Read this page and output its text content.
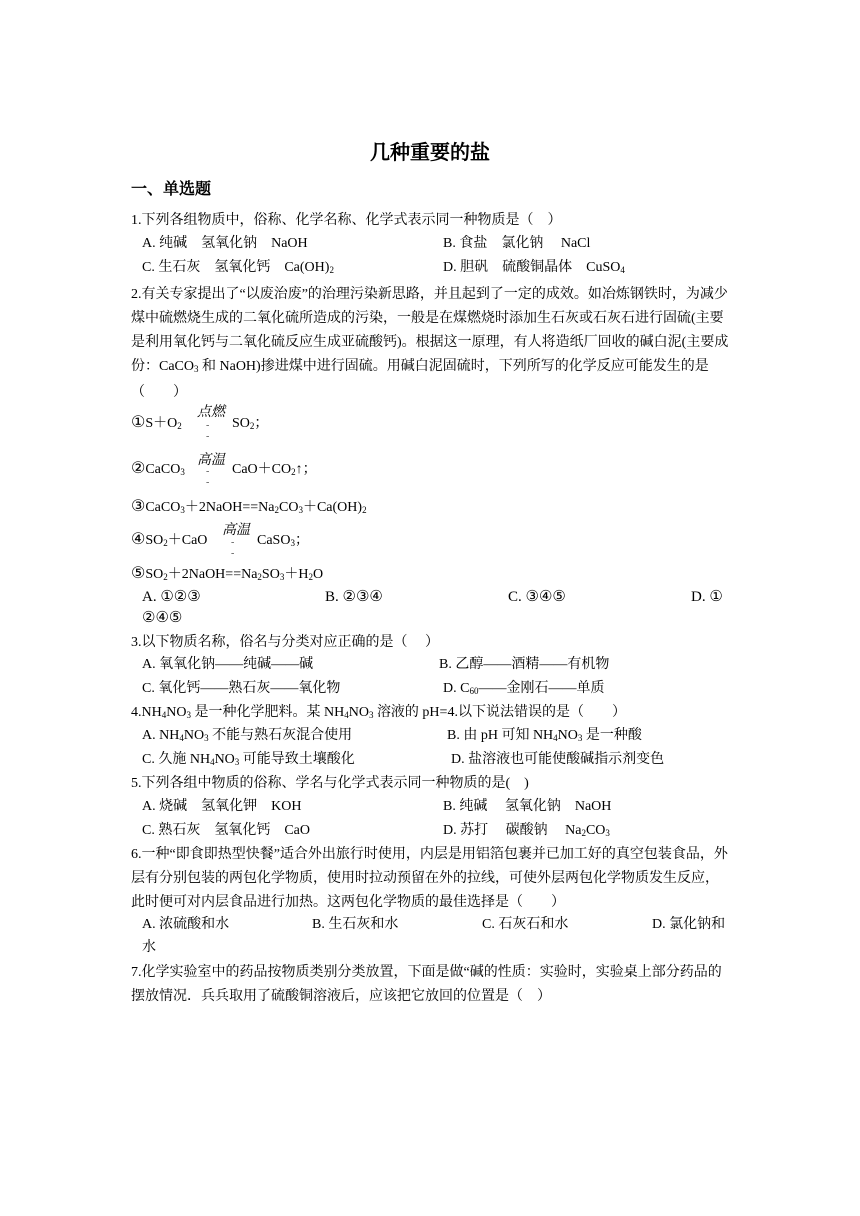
几种重要的盐
一、单选题
1.下列各组物质中，俗称、化学名称、化学式表示同一种物质是（　）
A. 纯碱　氢氧化钠　NaOH	B. 食盐　氯化钠　 NaCl
C. 生石灰　氢氧化钙　$Ca(OH)_2$	D. 胆矾　硫酸铜晶体　CuSO$_4$
2.有关专家提出了“以废治废”的治理污染新思路，并且起到了一定的成效。如冶炼钢铁时，为减少煤中硫燃烧生成的二氧化硫所造成的污染，一般是在煤燃烧时添加生石灰或石灰石进行固硫(主要是利用氧化钙与二氧化硫反应生成亚硫酸钙)。根据这一原理，有人将造纸厂回收的碱白泥(主要成份：CaCO$_3$ 和 NaOH)掺进煤中进行固硫。用碱白泥固硫时，下列所写的化学反应可能发生的是（　　）
$①S+O_2$
点燃
-
-
$SO_2$；
②CaCO$_3$
高温
-
-
$CaO+CO_2↑$；
$③CaCO_3+2NaOH==Na_2CO_3+Ca(OH)_2$
$④SO_2+CaO$
高温
-
-
CaSO$_3$；
$⑤SO_2+2NaOH==Na_2SO_3+H_2O$
A. ①②③	B. ②③④	C. ③④⑤	D. ①
②④⑤
3.以下物质名称，俗名与分类对应正确的是（　 ）
A. 氧氧化钠——纯碱——碱	B. 乙醇——酒精——有机物
C. 氧化钙——熟石灰——氧化物	D. $C_{60}——$金刚石——单质
$4.NH_4NO_3$ 是一种化学肥料。某 $NH_4NO_3$ 溶液的 pH=4.以下说法错误的是（　　）
A. $NH_4NO_3$ 不能与熟石灰混合使用	B. 由 pH 可知 $NH_4NO_3$ 是一种酸
C. 久施 $NH_4NO_3$ 可能导致土壤酸化	D. 盐溶液也可能使酸碱指示剂变色
5.下列各组中物质的俗称、学名与化学式表示同一种物质的是(　)
A. 烧碱　氢氧化钾　KOH	B. 纯碱　 氢氧化钠　NaOH
C. 熟石灰　氢氧化钙　CaO	D. 苏打　 碳酸钠　 $Na_2CO_3$
6.一种“即食即热型快餐”适合外出旅行时使用，内层是用铝箔包裹并已加工好的真空包装食品，外层有分别包装的两包化学物质，使用时拉动预留在外的拉线，可使外层两包化学物质发生反应，此时便可对内层食品进行加热。这两包化学物质的最佳选择是（　　）
A. 浓硫酸和水	B. 生石灰和水	C. 石灰石和水	D. 氯化钠和
水
7.化学实验室中的药品按物质类别分类放置，下面是做“碱的性质：实验时，实验桌上部分药品的摆放情况．兵兵取用了硫酸铜溶液后，应该把它放回的位置是（　）
